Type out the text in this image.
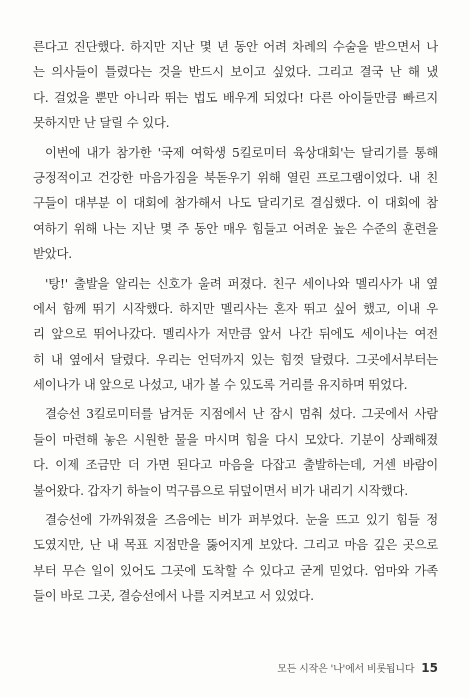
른다고 진단했다. 하지만 지난 몇 년 동안 어려 차례의 수술을 받으면서 나
는 의사들이 틀렸다는 것을 반드시 보이고 싶었다. 그리고 결국 난 해 냈
다. 걸었을 뿐만 아니라 뛰는 법도 배우게 되었다! 다른 아이들만큼 빠르지
못하지만 난 달릴 수 있다.
이번에 내가 참가한 '국제 여학생 5킬로미터 육상대회'는 달리기를 통해
긍정적이고 건강한 마음가짐을 북돋우기 위해 열린 프로그램이었다. 내 친
구들이 대부분 이 대회에 참가해서 나도 달리기로 결심했다. 이 대회에 참
여하기 위해 나는 지난 몇 주 동안 매우 힘들고 어려운 높은 수준의 훈련을
받았다.
'탕!' 출발을 알리는 신호가 울려 퍼졌다. 친구 세이나와 멜리사가 내 옆
에서 함께 뛰기 시작했다. 하지만 멜리사는 혼자 뛰고 싶어 했고, 이내 우
리 앞으로 뛰어나갔다. 멜리사가 저만큼 앞서 나간 뒤에도 세이나는 여전
히 내 옆에서 달렸다. 우리는 언덕까지 있는 힘껏 달렸다. 그곳에서부터는
세이나가 내 앞으로 나섰고, 내가 볼 수 있도록 거리를 유지하며 뛰었다.
결승선 3킬로미터를 남겨둔 지점에서 난 잠시 멈춰 섰다. 그곳에서 사람
들이 마련해 놓은 시원한 물을 마시며 힘을 다시 모았다. 기분이 상쾌해졌
다. 이제 조금만 더 가면 된다고 마음을 다잡고 출발하는데, 거센 바람이
불어왔다. 갑자기 하늘이 먹구름으로 뒤덮이면서 비가 내리기 시작했다.
결승선에 가까워졌을 즈음에는 비가 퍼부었다. 눈을 뜨고 있기 힘들 정
도였지만, 난 내 목표 지점만을 뚫어지게 보았다. 그리고 마음 깊은 곳으로
부터 무슨 일이 있어도 그곳에 도착할 수 있다고 굳게 믿었다. 엄마와 가족
들이 바로 그곳, 결승선에서 나를 지켜보고 서 있었다.
모든 시작은 '나'에서 비롯됩니다 15
